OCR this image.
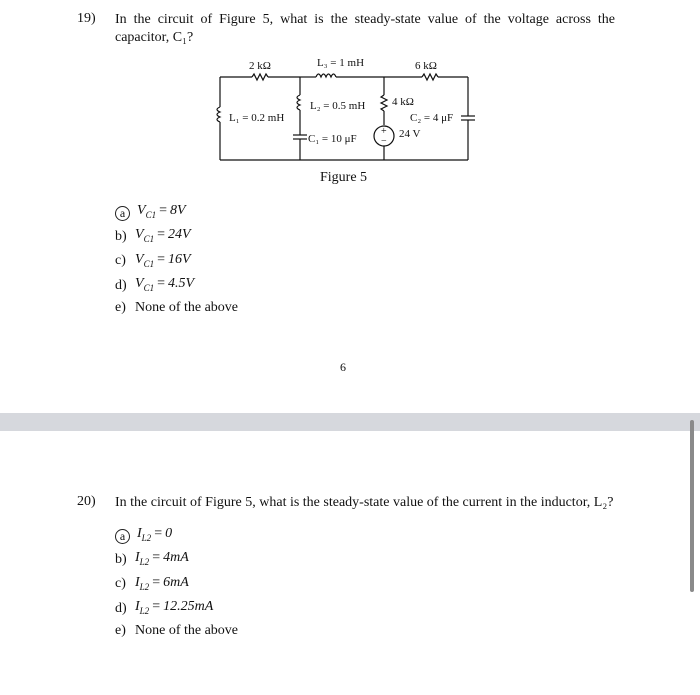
19) In the circuit of Figure 5, what is the steady-state value of the voltage across the
capacitor, C₁?
2 kΩ	L₃ = 1 mH	6 kΩ
L₁ = 0.2 mH
L₂ = 0.5 mH 4 kΩ
C₁ = 10 μF	24 V
C₂ = 4 μF
+
−
Figure 5
a $V_{C1} = 8V$
b) $V_{C1} = 24V$
c) $V_{C1} = 16V$
d) $V_{C1} = 4.5V$
e) None of the above
6
20) In the circuit of Figure 5, what is the steady-state value of the current in the inductor, L₂?
a $I_{L2} = 0$
b) $I_{L2} = 4mA$
c) $I_{L2} = 6mA$
d) $I_{L2} = 12.25mA$
e) None of the above
